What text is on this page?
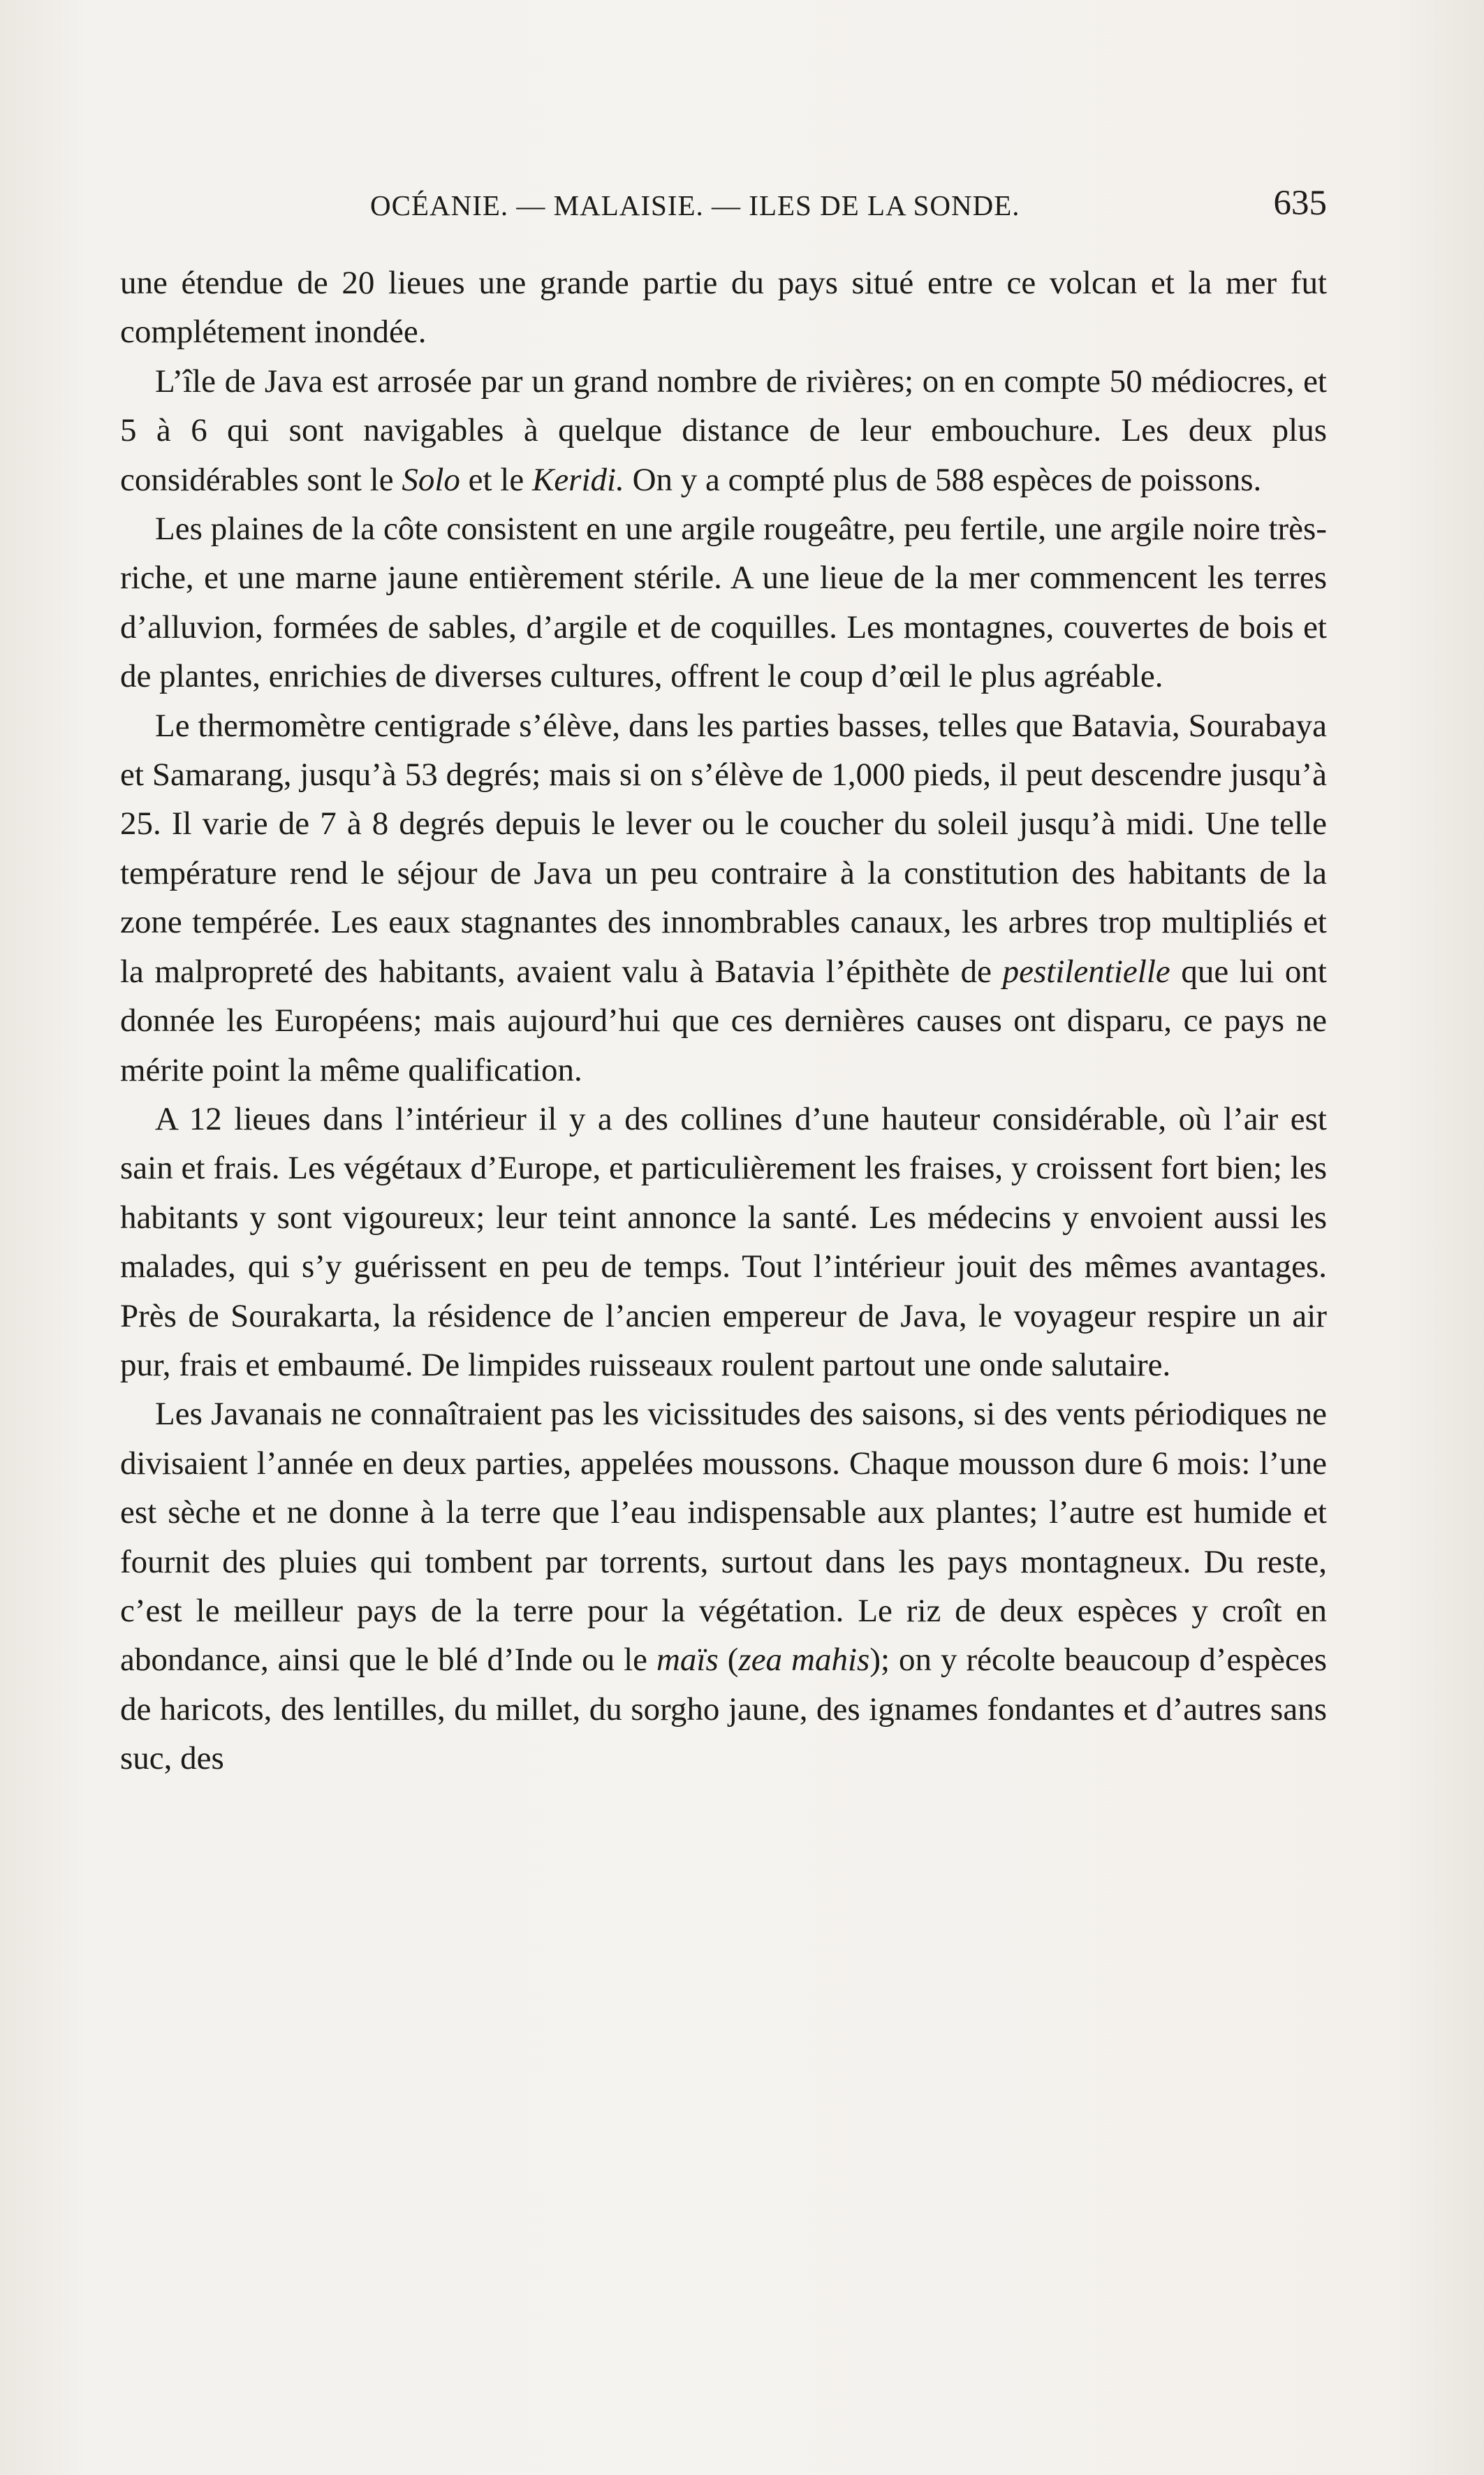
OCÉANIE. — MALAISIE. — ILES DE LA SONDE.	635

une étendue de 20 lieues une grande partie du pays situé entre ce volcan et la mer fut complétement inondée.

L’île de Java est arrosée par un grand nombre de rivières; on en compte 50 médiocres, et 5 à 6 qui sont navigables à quelque distance de leur embouchure. Les deux plus considérables sont le Solo et le Keridi. On y a compté plus de 588 espèces de poissons.

Les plaines de la côte consistent en une argile rougeâtre, peu fertile, une argile noire très-riche, et une marne jaune entièrement stérile. A une lieue de la mer commencent les terres d’alluvion, formées de sables, d’argile et de coquilles. Les montagnes, couvertes de bois et de plantes, enrichies de diverses cultures, offrent le coup d’œil le plus agréable.

Le thermomètre centigrade s’élève, dans les parties basses, telles que Batavia, Sourabaya et Samarang, jusqu’à 53 degrés; mais si on s’élève de 1,000 pieds, il peut descendre jusqu’à 25. Il varie de 7 à 8 degrés depuis le lever ou le coucher du soleil jusqu’à midi. Une telle température rend le séjour de Java un peu contraire à la constitution des habitants de la zone tempérée. Les eaux stagnantes des innombrables canaux, les arbres trop multipliés et la malpropreté des habitants, avaient valu à Batavia l’épithète de pestilentielle que lui ont donnée les Européens; mais aujourd’hui que ces dernières causes ont disparu, ce pays ne mérite point la même qualification.

A 12 lieues dans l’intérieur il y a des collines d’une hauteur considérable, où l’air est sain et frais. Les végétaux d’Europe, et particulièrement les fraises, y croissent fort bien; les habitants y sont vigoureux; leur teint annonce la santé. Les médecins y envoient aussi les malades, qui s’y guérissent en peu de temps. Tout l’intérieur jouit des mêmes avantages. Près de Sourakarta, la résidence de l’ancien empereur de Java, le voyageur respire un air pur, frais et embaumé. De limpides ruisseaux roulent partout une onde salutaire.

Les Javanais ne connaîtraient pas les vicissitudes des saisons, si des vents périodiques ne divisaient l’année en deux parties, appelées moussons. Chaque mousson dure 6 mois: l’une est sèche et ne donne à la terre que l’eau indispensable aux plantes; l’autre est humide et fournit des pluies qui tombent par torrents, surtout dans les pays montagneux. Du reste, c’est le meilleur pays de la terre pour la végétation. Le riz de deux espèces y croît en abondance, ainsi que le blé d’Inde ou le maïs (zea mahis); on y récolte beaucoup d’espèces de haricots, des lentilles, du millet, du sorgho jaune, des ignames fondantes et d’autres sans suc, des
